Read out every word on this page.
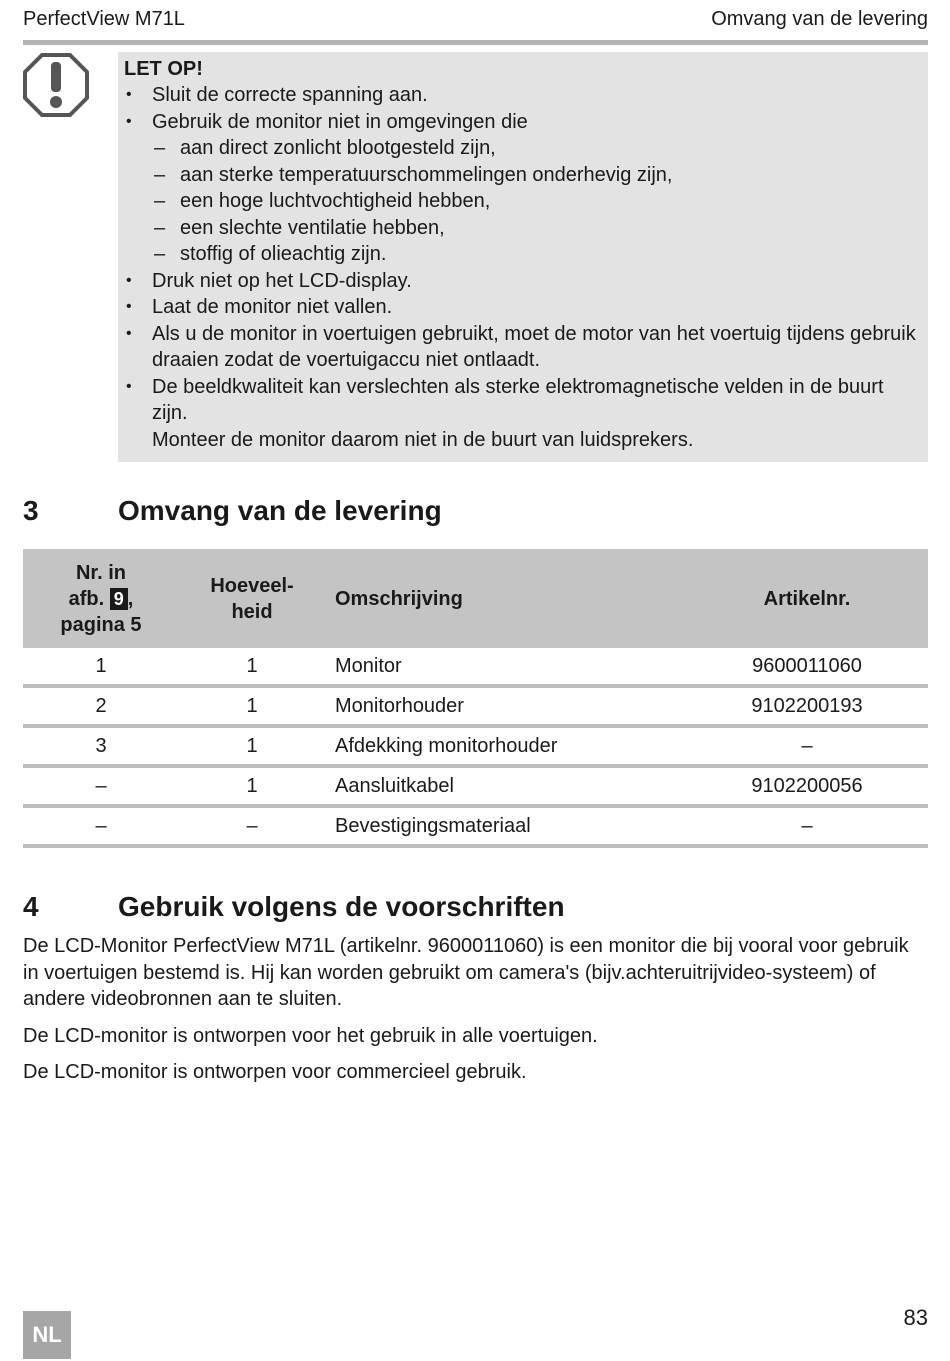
PerfectView M71L	Omvang van de levering
LET OP!
• Sluit de correcte spanning aan.
• Gebruik de monitor niet in omgevingen die
– aan direct zonlicht blootgesteld zijn,
– aan sterke temperatuurschommelingen onderhevig zijn,
– een hoge luchtvochtigheid hebben,
– een slechte ventilatie hebben,
– stoffig of olieachtig zijn.
• Druk niet op het LCD-display.
• Laat de monitor niet vallen.
• Als u de monitor in voertuigen gebruikt, moet de motor van het voertuig tijdens gebruik draaien zodat de voertuigaccu niet ontlaadt.
• De beeldkwaliteit kan verslechten als sterke elektromagnetische velden in de buurt zijn.
Monteer de monitor daarom niet in de buurt van luidsprekers.
3	Omvang van de levering
Nr. in
afb. 9 ,
pagina 5	Hoeveel-
heid	Omschrijving	Artikelnr.
1	1	Monitor	9600011060
2	1	Monitorhouder	9102200193
3	1	Afdekking monitorhouder	–
–	1	Aansluitkabel	9102200056
–	–	Bevestigingsmateriaal	–
4	Gebruik volgens de voorschriften

De LCD-Monitor PerfectView M71L (artikelnr. 9600011060) is een monitor die bij vooral voor gebruik in voertuigen bestemd is. Hij kan worden gebruikt om camera's (bijv.achteruitrijvideo-systeem) of andere videobronnen aan te sluiten.

De LCD-monitor is ontworpen voor het gebruik in alle voertuigen.

De LCD-monitor is ontworpen voor commercieel gebruik.

NL
83
